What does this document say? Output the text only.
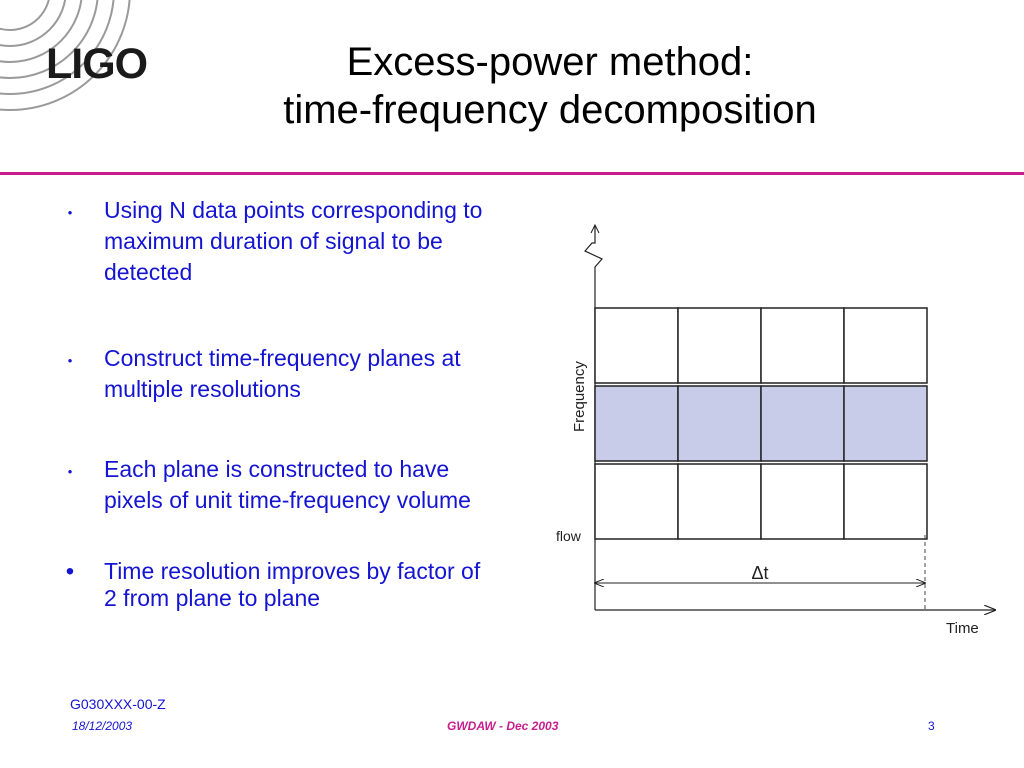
LIGO	Excess-power method:
time-frequency decomposition
•	Using N data points corresponding to maximum duration of signal to be detected
•	Construct time-frequency planes at multiple resolutions
•	Each plane is constructed to have pixels of unit time-frequency volume
• Time resolution improves by factor of 2 from plane to plane
Δt
flow
Time
Frequency
G030XXX-00-Z
18/12/2003	GWDAW - Dec 2003	3
